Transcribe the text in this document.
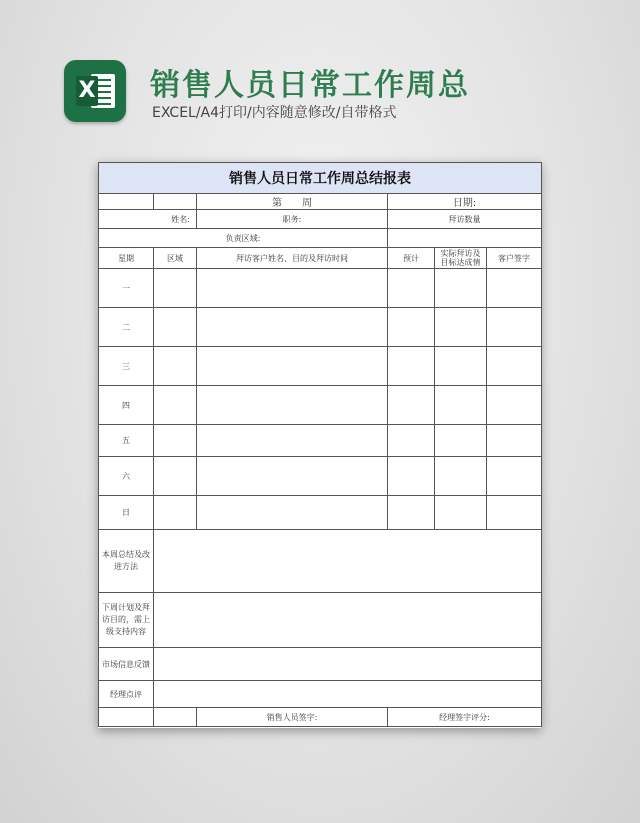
X 销售人员日常工作周总
EXCEL/A4打印/内容随意修改/自带格式
销售人员日常工作周总结报表					
		第　　周	日期:		
姓名:		职务:	拜访数量		
负责区域:					
星期	区域	拜访客户姓名、目的及拜访时间	预计	实际拜访及目标达成情	客户签字
一					
二					
三					
四					
五					
六					
日					
本周总结及改进方法					
下周计划及拜访目的，需上级支持内容					
市场信息反馈					
经理点评					
		销售人员签字:	经理签字评分:		
